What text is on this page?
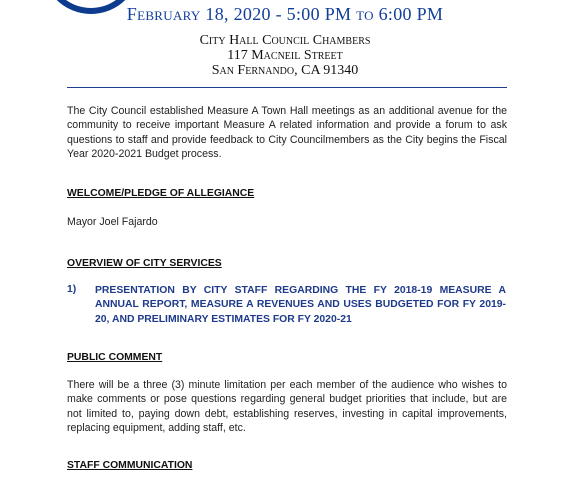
February 18, 2020 - 5:00 PM to 6:00 PM
City Hall Council Chambers
117 Macneil Street
San Fernando, CA 91340
The City Council established Measure A Town Hall meetings as an additional avenue for the community to receive important Measure A related information and provide a forum to ask questions to staff and provide feedback to City Councilmembers as the City begins the Fiscal Year 2020-2021 Budget process.
WELCOME/PLEDGE OF ALLEGIANCE
Mayor Joel Fajardo
OVERVIEW OF CITY SERVICES
1) PRESENTATION BY CITY STAFF REGARDING THE FY 2018-19 MEASURE A ANNUAL REPORT, MEASURE A REVENUES AND USES BUDGETED FOR FY 2019-20, AND PRELIMINARY ESTIMATES FOR FY 2020-21
PUBLIC COMMENT
There will be a three (3) minute limitation per each member of the audience who wishes to make comments or pose questions regarding general budget priorities that include, but are not limited to, paying down debt, establishing reserves, investing in capital improvements, replacing equipment, adding staff, etc.
STAFF COMMUNICATION
